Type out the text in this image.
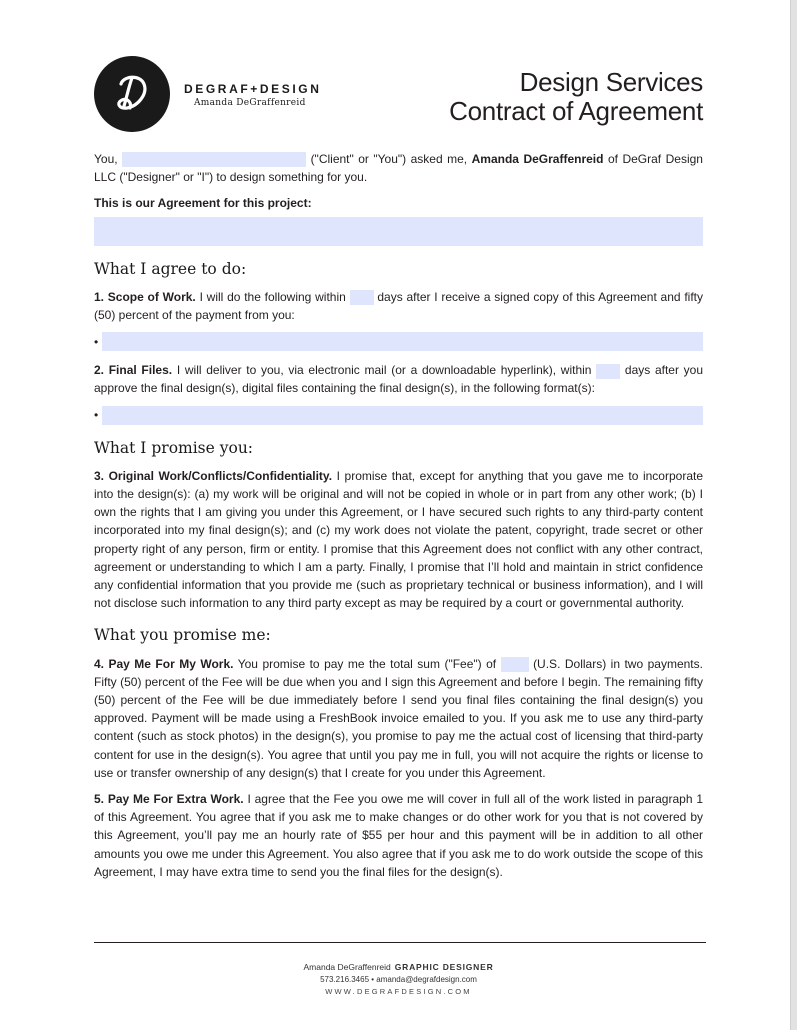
DEGRAF+DESIGN
Amanda DeGraffenreid
Design Services
Contract of Agreement

You,	("Client" or "You") asked me, Amanda DeGraffenreid of DeGraf Design LLC ("Designer" or "I") to design something for you.

This is our Agreement for this project:

What I agree to do:

1. Scope of Work. I will do the following within	days after I receive a signed copy of this Agreement and fifty (50) percent of the payment from you:

•

2. Final Files. I will deliver to you, via electronic mail (or a downloadable hyperlink), within	days after you approve the final design(s), digital files containing the final design(s), in the following format(s):

•
What I promise you:

3. Original Work/Conflicts/Confidentiality. I promise that, except for anything that you gave me to incorporate into the design(s): (a) my work will be original and will not be copied in whole or in part from any other work; (b) I own the rights that I am giving you under this Agreement, or I have secured such rights to any third-party content incorporated into my final design(s); and (c) my work does not violate the patent, copyright, trade secret or other property right of any person, firm or entity. I promise that this Agreement does not conflict with any other contract, agreement or understanding to which I am a party. Finally, I promise that I’ll hold and maintain in strict confidence any confidential information that you provide me (such as proprietary technical or business information), and I will not disclose such information to any third party except as may be required by a court or governmental authority.

What you promise me:

4. Pay Me For My Work. You promise to pay me the total sum ("Fee") of	(U.S. Dollars) in two payments. Fifty (50) percent of the Fee will be due when you and I sign this Agreement and before I begin. The remaining fifty (50) percent of the Fee will be due immediately before I send you final files containing the final design(s) you approved. Payment will be made using a FreshBook invoice emailed to you. If you ask me to use any third-party content (such as stock photos) in the design(s), you promise to pay me the actual cost of licensing that third-party content for use in the design(s). You agree that until you pay me in full, you will not acquire the rights or license to use or transfer ownership of any design(s) that I create for you under this Agreement.

5. Pay Me For Extra Work. I agree that the Fee you owe me will cover in full all of the work listed in paragraph 1 of this Agreement. You agree that if you ask me to make changes or do other work for you that is not covered by this Agreement, you’ll pay me an hourly rate of $55 per hour and this payment will be in addition to all other amounts you owe me under this Agreement. You also agree that if you ask me to do work outside the scope of this Agreement, I may have extra time to send you the final files for the design(s).

Amanda DeGraffenreid GRAPHIC DESIGNER
573.216.3465 • amanda@degrafdesign.com
WWW.DEGRAFDESIGN.COM
